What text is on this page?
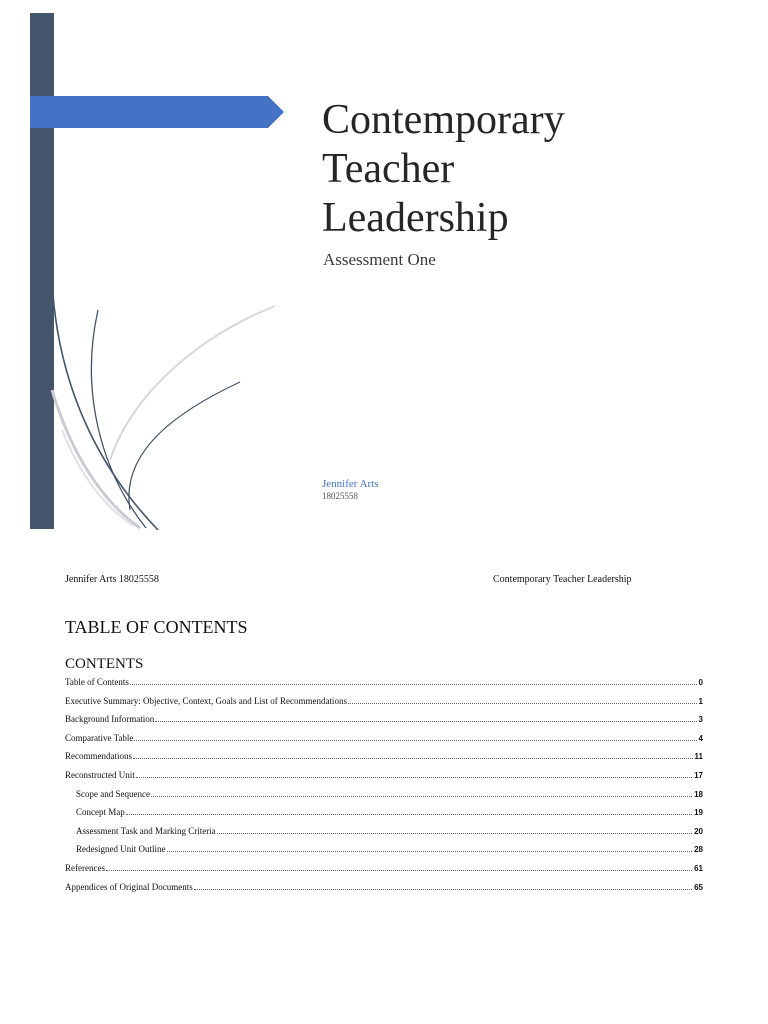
Contemporary
Teacher
Leadership
Assessment One
Jennifer Arts
18025558
Jennifer Arts 18025558	Contemporary Teacher Leadership
TABLE OF CONTENTS
CONTENTS
Table of Contents	0
Executive Summary: Objective, Context, Goals and List of Recommendations	1
Background Information	3
Comparative Table	4
Recommendations	11
Reconstructed Unit	17
Scope and Sequence	18
Concept Map	19
Assessment Task and Marking Criteria	20
Redesigned Unit Outline	28
References	61
Appendices of Original Documents	65
